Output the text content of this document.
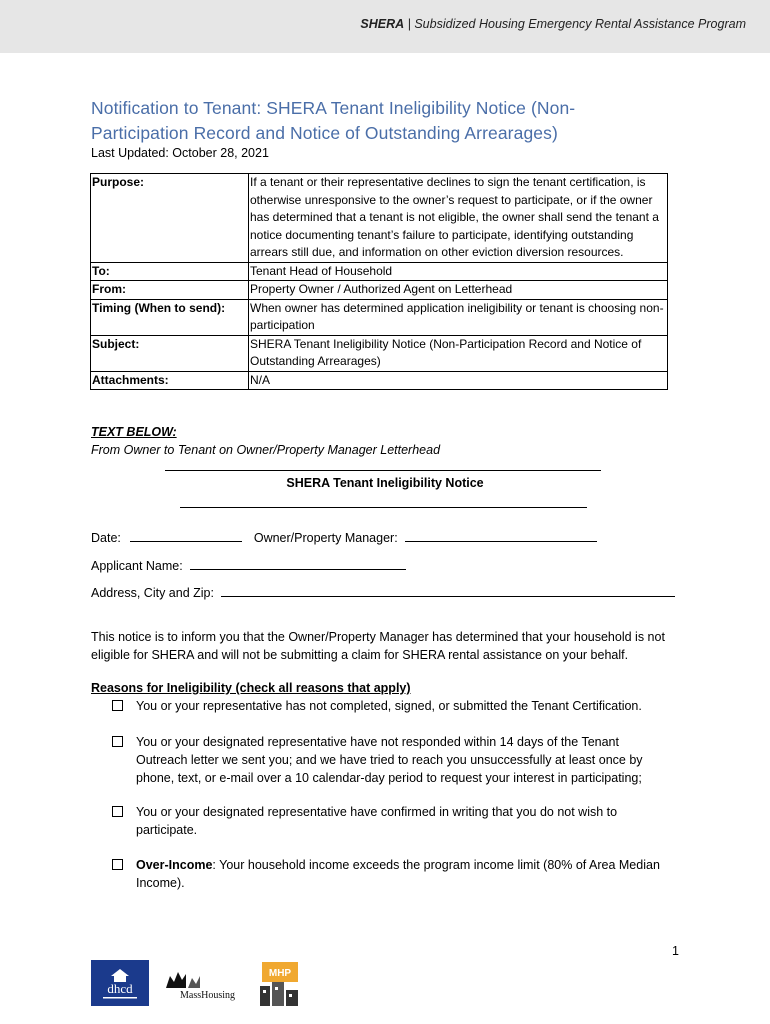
SHERA | Subsidized Housing Emergency Rental Assistance Program
Notification to Tenant: SHERA Tenant Ineligibility Notice (Non-Participation Record and Notice of Outstanding Arrearages)
Last Updated: October 28, 2021
Purpose:	If a tenant or their representative declines to sign the tenant certification, is otherwise unresponsive to the owner’s request to participate, or if the owner has determined that a tenant is not eligible, the owner shall send the tenant a notice documenting tenant’s failure to participate, identifying outstanding arrears still due, and information on other eviction diversion resources.
To:	Tenant Head of Household
From:	Property Owner / Authorized Agent on Letterhead
Timing (When to send):	When owner has determined application ineligibility or tenant is choosing non-participation
Subject:	SHERA Tenant Ineligibility Notice (Non-Participation Record and Notice of Outstanding Arrearages)
Attachments:	N/A
TEXT BELOW:
From Owner to Tenant on Owner/Property Manager Letterhead
SHERA Tenant Ineligibility Notice
Date:	Owner/Property Manager:
Applicant Name:
Address, City and Zip:
This notice is to inform you that the Owner/Property Manager has determined that your household is not eligible for SHERA and will not be submitting a claim for SHERA rental assistance on your behalf.
Reasons for Ineligibility (check all reasons that apply)
You or your representative has not completed, signed, or submitted the Tenant Certification.
You or your designated representative have not responded within 14 days of the Tenant Outreach letter we sent you; and we have tried to reach you unsuccessfully at least once by phone, text, or e-mail over a 10 calendar-day period to request your interest in participating;
You or your designated representative have confirmed in writing that you do not wish to participate.
Over-Income: Your household income exceeds the program income limit (80% of Area Median Income).
1
dhcd	MassHousing
MHP
